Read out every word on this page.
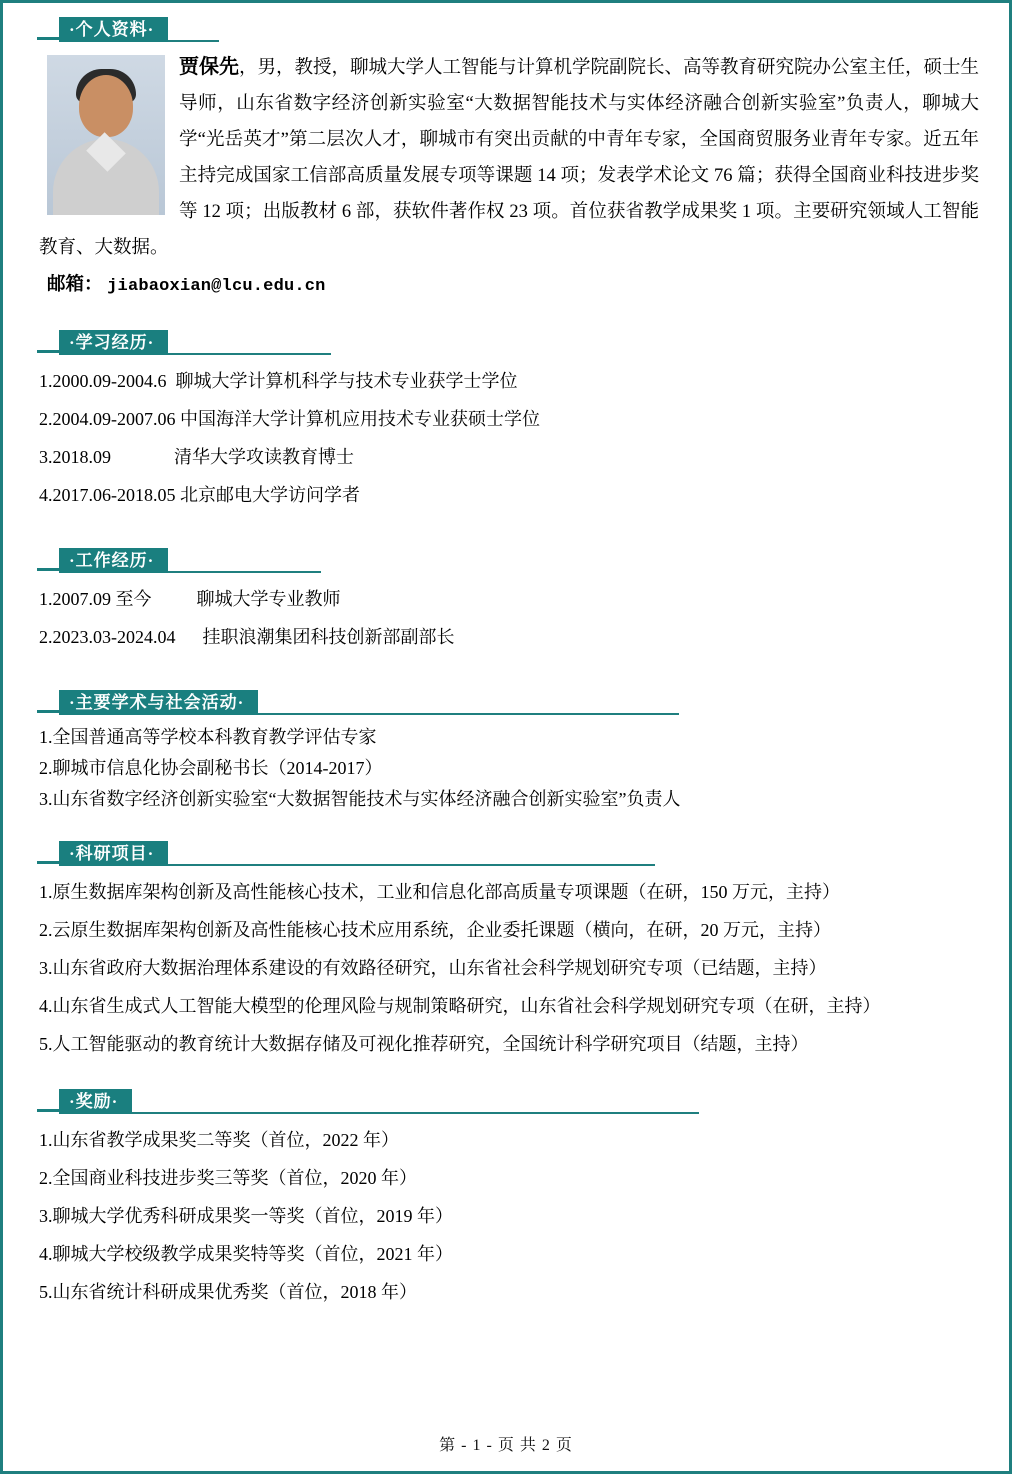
·个人资料·
贾保先，男，教授，聊城大学人工智能与计算机学院副院长、高等教育研究院办公室主任，硕士生导师，山东省数字经济创新实验室“大数据智能技术与实体经济融合创新实验室”负责人，聊城大学“光岳英才”第二层次人才，聊城市有突出贡献的中青年专家，全国商贸服务业青年专家。近五年主持完成国家工信部高质量发展专项等课题 14 项；发表学术论文 76 篇；获得全国商业科技进步奖等 12 项；出版教材 6 部，获软件著作权 23 项。首位获省教学成果奖 1 项。主要研究领域人工智能教育、大数据。
邮箱： jiabaoxian@lcu.edu.cn
·学习经历·
1.2000.09-2004.6  聊城大学计算机科学与技术专业获学士学位
2.2004.09-2007.06 中国海洋大学计算机应用技术专业获硕士学位
3.2018.09              清华大学攻读教育博士
4.2017.06-2018.05 北京邮电大学访问学者
·工作经历·
1.2007.09 至今          聊城大学专业教师
2.2023.03-2024.04      挂职浪潮集团科技创新部副部长
·主要学术与社会活动·
1.全国普通高等学校本科教育教学评估专家
2.聊城市信息化协会副秘书长（2014-2017）
3.山东省数字经济创新实验室“大数据智能技术与实体经济融合创新实验室”负责人
·科研项目·
1.原生数据库架构创新及高性能核心技术，工业和信息化部高质量专项课题（在研，150 万元，主持）
2.云原生数据库架构创新及高性能核心技术应用系统，企业委托课题（横向，在研，20 万元，主持）
3.山东省政府大数据治理体系建设的有效路径研究，山东省社会科学规划研究专项（已结题，主持）
4.山东省生成式人工智能大模型的伦理风险与规制策略研究，山东省社会科学规划研究专项（在研，主持）
5.人工智能驱动的教育统计大数据存储及可视化推荐研究，全国统计科学研究项目（结题，主持）
·奖励·
1.山东省教学成果奖二等奖（首位，2022 年）
2.全国商业科技进步奖三等奖（首位，2020 年）
3.聊城大学优秀科研成果奖一等奖（首位，2019 年）
4.聊城大学校级教学成果奖特等奖（首位，2021 年）
5.山东省统计科研成果优秀奖（首位，2018 年）
第 - 1 - 页 共 2 页
